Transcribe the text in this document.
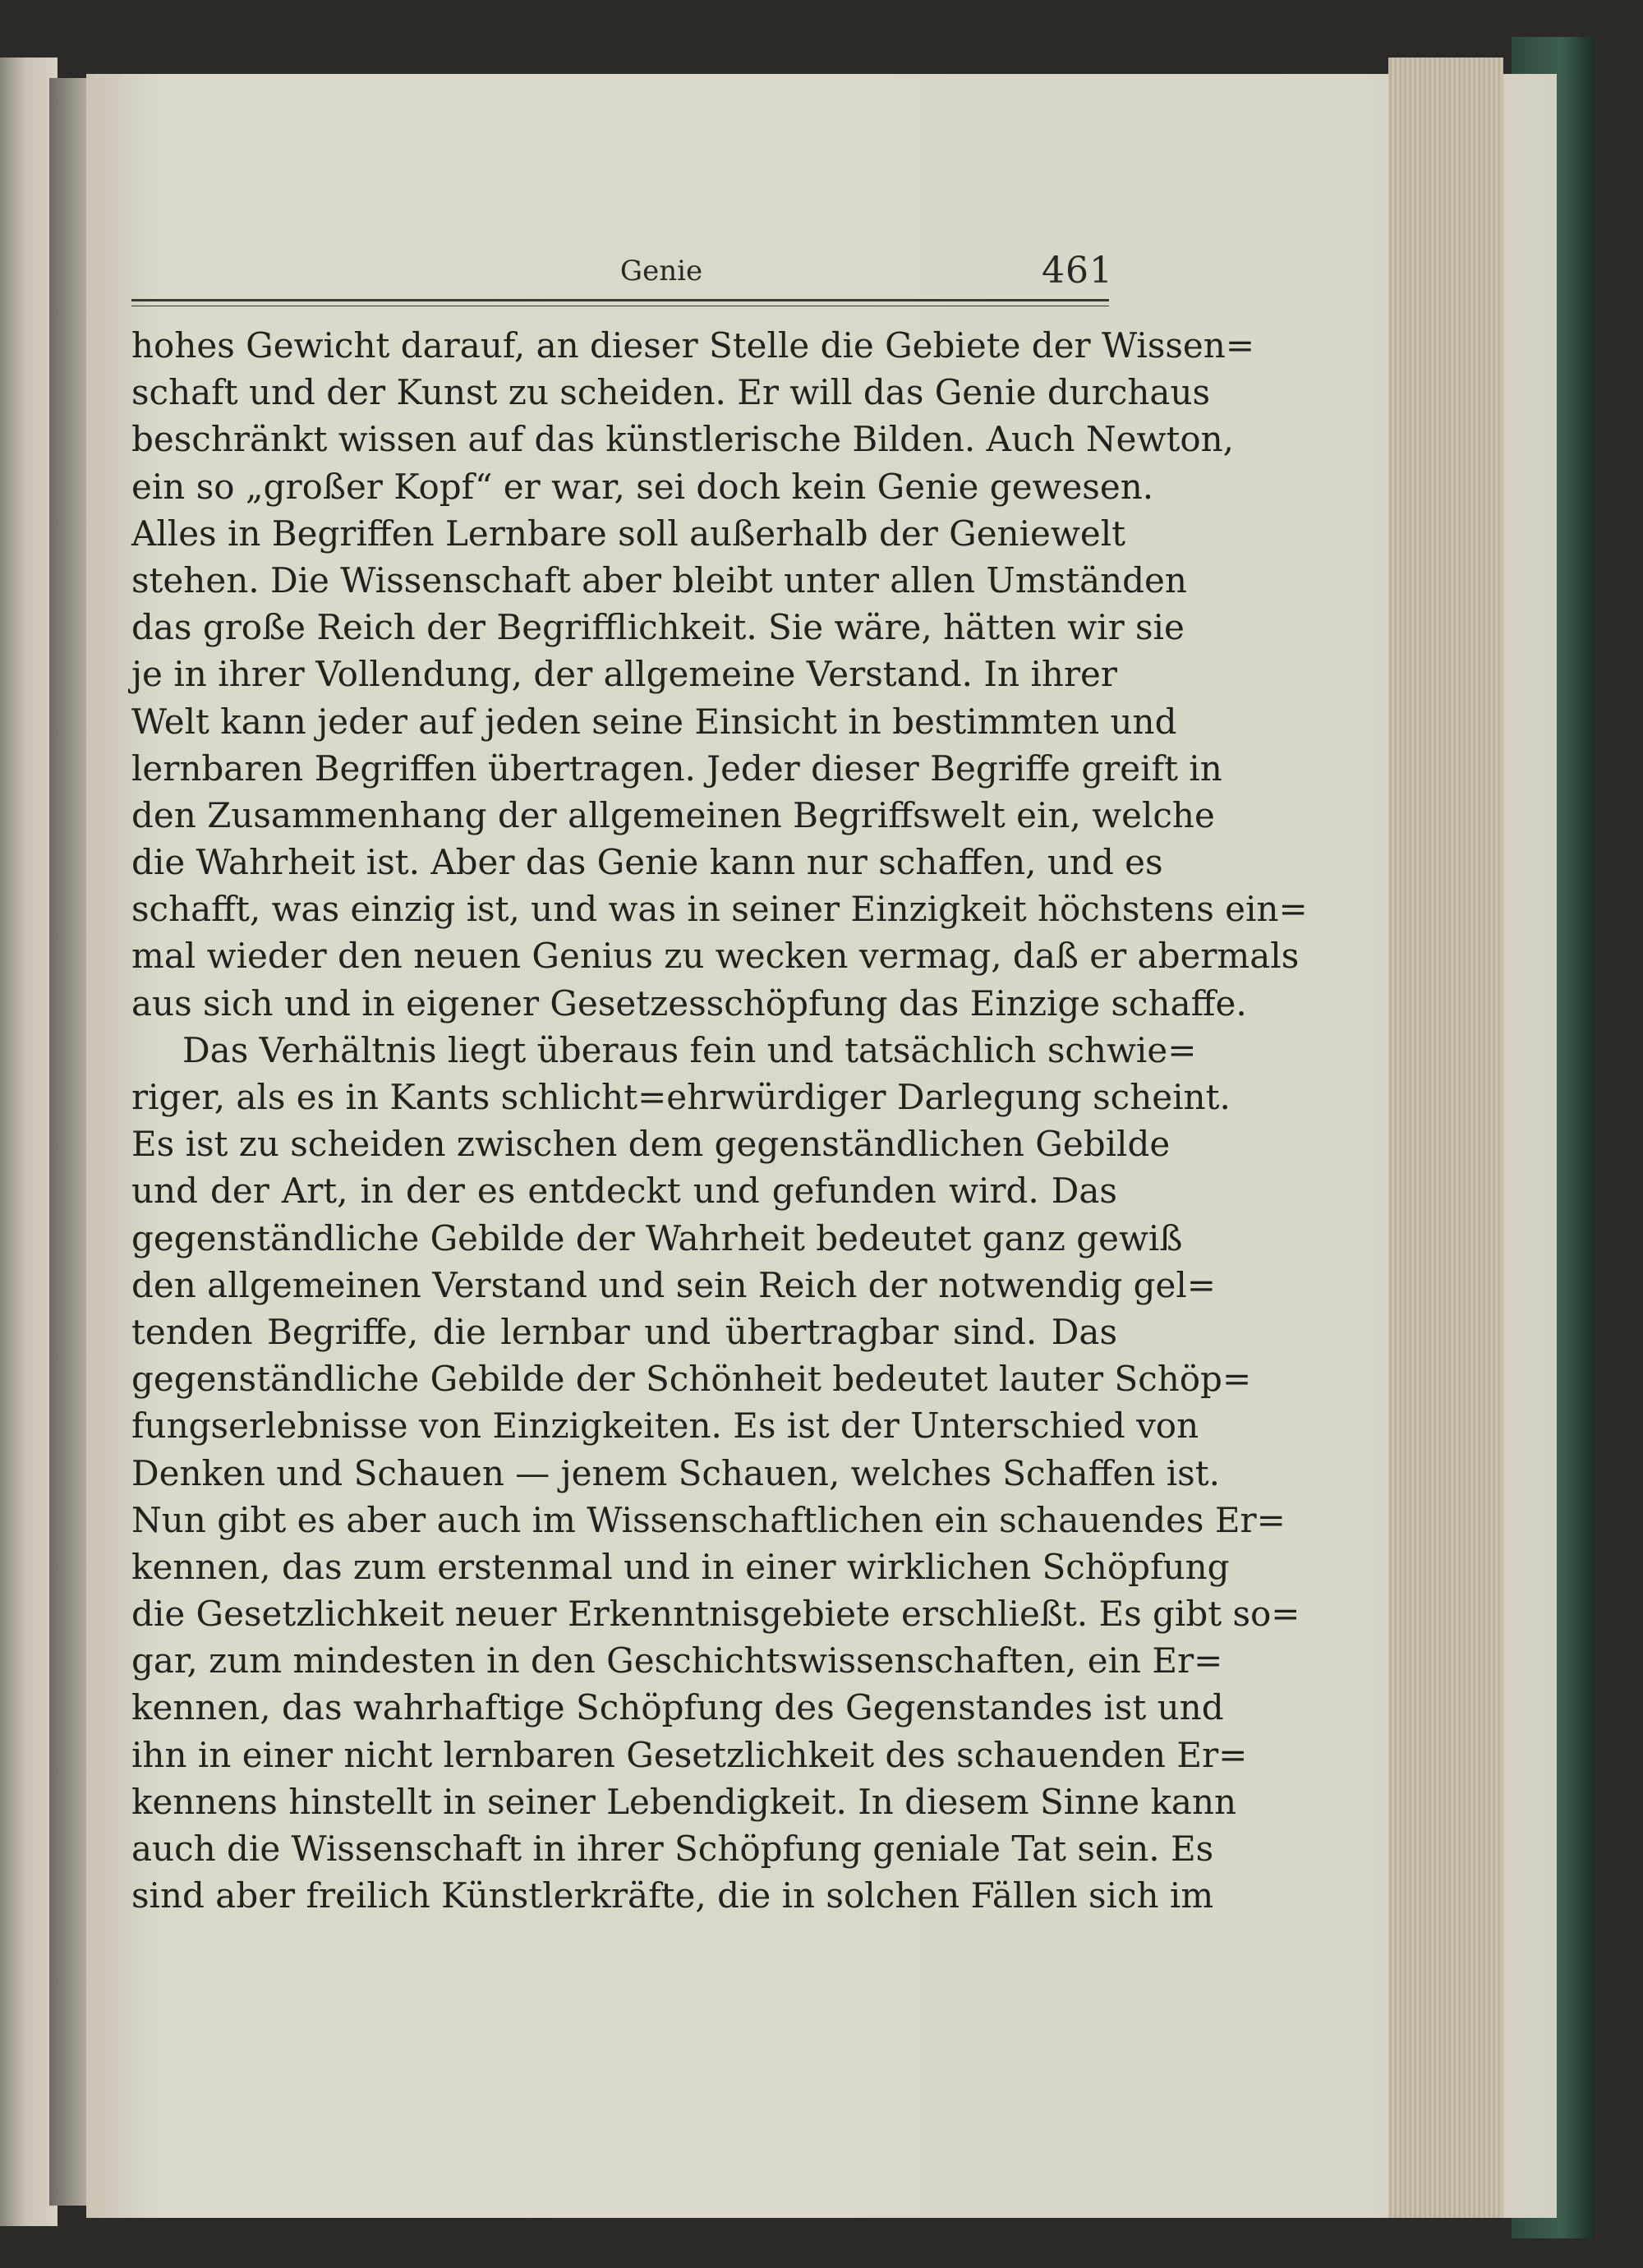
Genie	461
hohes Gewicht darauf, an dieser Stelle die Gebiete der Wissen=
schaft und der Kunst zu scheiden. Er will das Genie durchaus
beschränkt wissen auf das künstlerische Bilden. Auch Newton,
ein so „großer Kopf“ er war, sei doch kein Genie gewesen.
Alles in Begriffen Lernbare soll außerhalb der Geniewelt
stehen. Die Wissenschaft aber bleibt unter allen Umständen
das große Reich der Begrifflichkeit. Sie wäre, hätten wir sie
je in ihrer Vollendung, der allgemeine Verstand. In ihrer
Welt kann jeder auf jeden seine Einsicht in bestimmten und
lernbaren Begriffen übertragen. Jeder dieser Begriffe greift in
den Zusammenhang der allgemeinen Begriffswelt ein, welche
die Wahrheit ist. Aber das Genie kann nur schaffen, und es
schafft, was einzig ist, und was in seiner Einzigkeit höchstens ein=
mal wieder den neuen Genius zu wecken vermag, daß er abermals
aus sich und in eigener Gesetzesschöpfung das Einzige schaffe.
Das Verhältnis liegt überaus fein und tatsächlich schwie=
riger, als es in Kants schlicht=ehrwürdiger Darlegung scheint.
Es ist zu scheiden zwischen dem gegenständlichen Gebilde
und der Art, in der es entdeckt und gefunden wird. Das
gegenständliche Gebilde der Wahrheit bedeutet ganz gewiß
den allgemeinen Verstand und sein Reich der notwendig gel=
tenden Begriffe, die lernbar und übertragbar sind. Das
gegenständliche Gebilde der Schönheit bedeutet lauter Schöp=
fungserlebnisse von Einzigkeiten. Es ist der Unterschied von
Denken und Schauen — jenem Schauen, welches Schaffen ist.
Nun gibt es aber auch im Wissenschaftlichen ein schauendes Er=
kennen, das zum erstenmal und in einer wirklichen Schöpfung
die Gesetzlichkeit neuer Erkenntnisgebiete erschließt. Es gibt so=
gar, zum mindesten in den Geschichtswissenschaften, ein Er=
kennen, das wahrhaftige Schöpfung des Gegenstandes ist und
ihn in einer nicht lernbaren Gesetzlichkeit des schauenden Er=
kennens hinstellt in seiner Lebendigkeit. In diesem Sinne kann
auch die Wissenschaft in ihrer Schöpfung geniale Tat sein. Es
sind aber freilich Künstlerkräfte, die in solchen Fällen sich im
